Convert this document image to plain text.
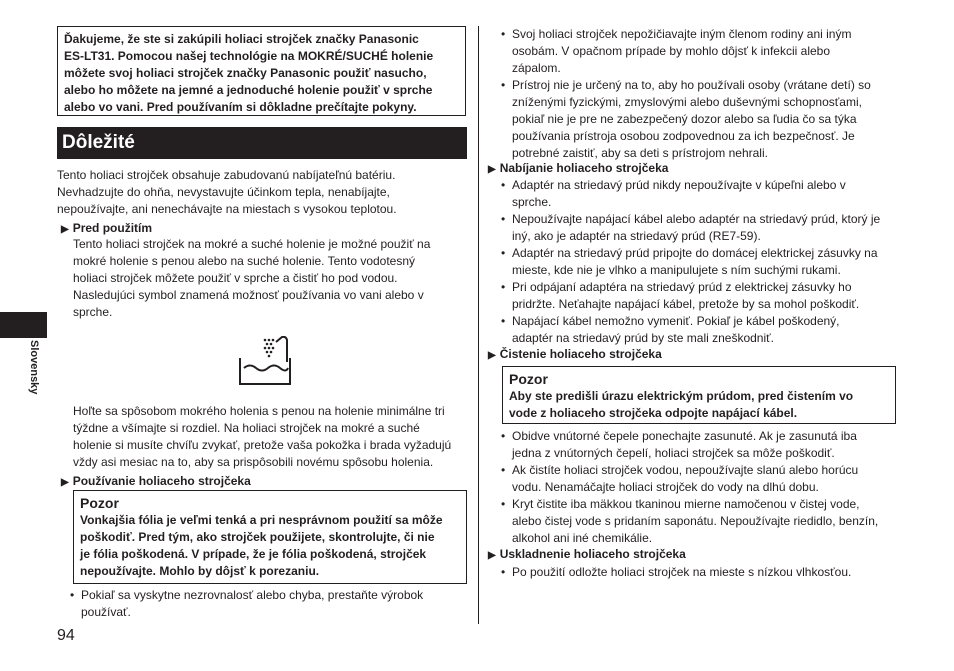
Ďakujeme, že ste si zakúpili holiaci strojček značky Panasonic
ES-LT31. Pomocou našej technológie na MOKRÉ/SUCHÉ holenie
môžete svoj holiaci strojček značky Panasonic použiť nasucho,
alebo ho môžete na jemné a jednoduché holenie použiť v sprche
alebo vo vani. Pred používaním si dôkladne prečítajte pokyny.
Dôležité
Tento holiaci strojček obsahuje zabudovanú nabíjateľnú batériu.
Nevhadzujte do ohňa, nevystavujte účinkom tepla, nenabíjajte,
nepoužívajte, ani nenechávajte na miestach s vysokou teplotou.
▶ Pred použitím
Tento holiaci strojček na mokré a suché holenie je možné použiť na
mokré holenie s penou alebo na suché holenie. Tento vodotesný
holiaci strojček môžete použiť v sprche a čistiť ho pod vodou.
Nasledujúci symbol znamená možnosť používania vo vani alebo v
sprche.
Hoľte sa spôsobom mokrého holenia s penou na holenie minimálne tri
týždne a všímajte si rozdiel. Na holiaci strojček na mokré a suché
holenie si musíte chvíľu zvykať, pretože vaša pokožka i brada vyžadujú
vždy asi mesiac na to, aby sa prispôsobili novému spôsobu holenia.
▶ Používanie holiaceho strojčeka
Pozor
Vonkajšia fólia je veľmi tenká a pri nesprávnom použití sa môže
poškodiť. Pred tým, ako strojček použijete, skontrolujte, či nie
je fólia poškodená. V prípade, že je fólia poškodená, strojček
nepoužívajte. Mohlo by dôjsť k porezaniu.
• Pokiaľ sa vyskytne nezrovnalosť alebo chyba, prestaňte výrobok
používať.
• Svoj holiaci strojček nepožičiavajte iným členom rodiny ani iným
osobám. V opačnom prípade by mohlo dôjsť k infekcii alebo
zápalom.
• Prístroj nie je určený na to, aby ho používali osoby (vrátane detí) so
zníženými fyzickými, zmyslovými alebo duševnými schopnosťami,
pokiaľ nie je pre ne zabezpečený dozor alebo sa ľudia čo sa týka
používania prístroja osobou zodpovednou za ich bezpečnosť. Je
potrebné zaistiť, aby sa deti s prístrojom nehrali.
▶ Nabíjanie holiaceho strojčeka
• Adaptér na striedavý prúd nikdy nepoužívajte v kúpeľni alebo v
sprche.
• Nepoužívajte napájací kábel alebo adaptér na striedavý prúd, ktorý je
iný, ako je adaptér na striedavý prúd (RE7-59).
• Adaptér na striedavý prúd pripojte do domácej elektrickej zásuvky na
mieste, kde nie je vlhko a manipulujete s ním suchými rukami.
• Pri odpájaní adaptéra na striedavý prúd z elektrickej zásuvky ho
pridržte. Neťahajte napájací kábel, pretože by sa mohol poškodiť.
• Napájací kábel nemožno vymeniť. Pokiaľ je kábel poškodený,
adaptér na striedavý prúd by ste mali zneškodniť.
▶ Čistenie holiaceho strojčeka
Pozor
Aby ste predišli úrazu elektrickým prúdom, pred čistením vo
vode z holiaceho strojčeka odpojte napájací kábel.
• Obidve vnútorné čepele ponechajte zasunuté. Ak je zasunutá iba
jedna z vnútorných čepelí, holiaci strojček sa môže poškodiť.
• Ak čistíte holiaci strojček vodou, nepoužívajte slanú alebo horúcu
vodu. Nenamáčajte holiaci strojček do vody na dlhú dobu.
• Kryt čistite iba mäkkou tkaninou mierne namočenou v čistej vode,
alebo čistej vode s pridaním saponátu. Nepoužívajte riedidlo, benzín,
alkohol ani iné chemikálie.
▶ Uskladnenie holiaceho strojčeka
• Po použití odložte holiaci strojček na mieste s nízkou vlhkosťou.
Slovensky
94
